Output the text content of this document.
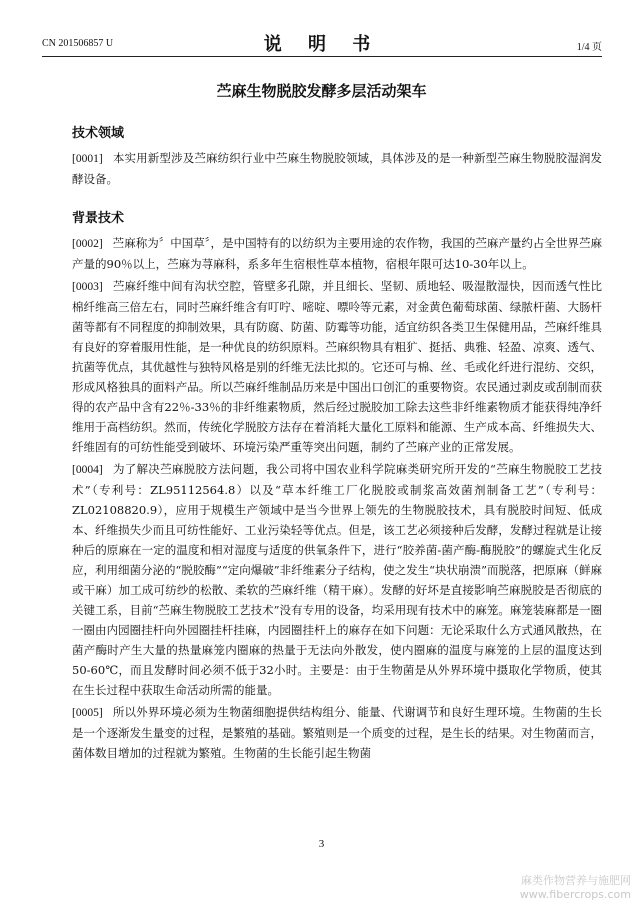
CN 201506857 U	说 明 书	1/4 页
苎麻生物脱胶发酵多层活动架车
技术领域

[0001] 本实用新型涉及苎麻纺织行业中苎麻生物脱胶领域，具体涉及的是一种新型苎麻生物脱胶湿润发酵设备。

背景技术

[0002] 苎麻称为〞中国草〞，是中国特有的以纺织为主要用途的农作物，我国的苎麻产量约占全世界苎麻产量的90％以上，苎麻为荨麻科，系多年生宿根性草本植物，宿根年限可达10-30年以上。

[0003] 苎麻纤维中间有沟状空腔，管壁多孔隙，并且细长、坚韧、质地轻、吸湿散湿快，因而透气性比棉纤维高三倍左右，同时苎麻纤维含有叮咛、嘧啶、嘌呤等元素，对金黄色葡萄球菌、绿脓杆菌、大肠杆菌等都有不同程度的抑制效果，具有防腐、防菌、防霉等功能，适宜纺织各类卫生保健用品，苎麻纤维具有良好的穿着服用性能，是一种优良的纺织原料。苎麻织物具有粗犷、挺括、典雅、轻盈、凉爽、透气、抗菌等优点，其优越性与独特风格是别的纤维无法比拟的。它还可与棉、丝、毛或化纤进行混纺、交织，形成风格独具的面料产品。所以苎麻纤维制品历来是中国出口创汇的重要物资。农民通过剥皮或刮制而获得的农产品中含有22％-33％的非纤维素物质，然后经过脱胶加工除去这些非纤维素物质才能获得纯净纤维用于高档纺织。然而，传统化学脱胶方法存在着消耗大量化工原料和能源、生产成本高、纤维损失大、纤维固有的可纺性能受到破坏、环境污染严重等突出问题，制约了苎麻产业的正常发展。

[0004] 为了解决苎麻脱胶方法问题，我公司将中国农业科学院麻类研究所开发的“苎麻生物脱胶工艺技术”（专利号：ZL95112564.8）以及“草本纤维工厂化脱胶或制浆高效菌剂制备工艺”（专利号：ZL02108820.9），应用于规模生产领域中是当今世界上领先的生物脱胶技术，具有脱胶时间短、低成本、纤维损失少而且可纺性能好、工业污染轻等优点。但是，该工艺必须接种后发酵，发酵过程就是让接种后的原麻在一定的温度和相对湿度与适度的供氧条件下，进行“胶养菌-菌产酶-酶脱胶”的螺旋式生化反应，利用细菌分泌的“脱胶酶”“定向爆破”非纤维素分子结构，使之发生“块状崩溃”而脱落，把原麻（鲜麻或干麻）加工成可纺纱的松散、柔软的苎麻纤维（精干麻）。发酵的好坏是直接影响苎麻脱胶是否彻底的关键工系，目前“苎麻生物脱胶工艺技术”没有专用的设备，均采用现有技术中的麻笼。麻笼装麻都是一圈一圈由内园圈挂杆向外园圈挂杆挂麻，内园圈挂杆上的麻存在如下问题：无论采取什么方式通风散热，在菌产酶时产生大量的热量麻笼内圈麻的热量于无法向外散发，使内圈麻的温度与麻笼的上层的温度达到50-60℃，而且发酵时间必须不低于32小时。主要是：由于生物菌是从外界环境中摄取化学物质，使其在生长过程中获取生命活动所需的能量。

[0005] 所以外界环境必须为生物菌细胞提供结构组分、能量、代谢调节和良好生理环境。生物菌的生长是一个逐渐发生量变的过程，是繁殖的基础。繁殖则是一个质变的过程，是生长的结果。对生物菌而言，菌体数目增加的过程就为繁殖。生物菌的生长能引起生物菌

3
麻类作物营养与施肥网
www.fibercrops.com
